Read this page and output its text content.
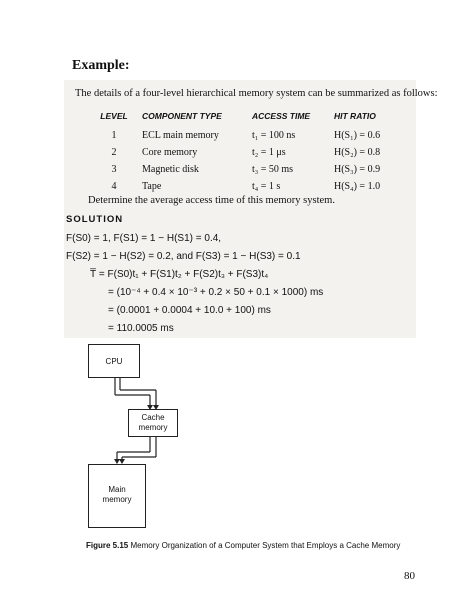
Example:
The details of a four-level hierarchical memory system can be summarized as follows:
LEVEL	COMPONENT TYPE	ACCESS TIME	HIT RATIO
1	ECL main memory	t₁ = 100 ns	H(S₁) = 0.6
2	Core memory	t₂ = 1 μs	H(S₂) = 0.8
3	Magnetic disk	t₃ = 50 ms	H(S₃) = 0.9
4	Tape	t₄ = 1 s	H(S₄) = 1.0
Determine the average access time of this memory system.
SOLUTION
F(S0) = 1, F(S1) = 1 − H(S1) = 0.4,
F(S2) = 1 − H(S2) = 0.2, and F(S3) = 1 − H(S3) = 0.1
T̅ = F(S0)t₁ + F(S1)t₂ + F(S2)t₃ + F(S3)t₄
= (10⁻⁴ + 0.4 × 10⁻³ + 0.2 × 50 + 0.1 × 1000) ms
= (0.0001 + 0.0004 + 10.0 + 100) ms
= 110.0005 ms
CPU
Cache
memory
Main
memory
Figure 5.15 Memory Organization of a Computer System that Employs a Cache Memory
80
